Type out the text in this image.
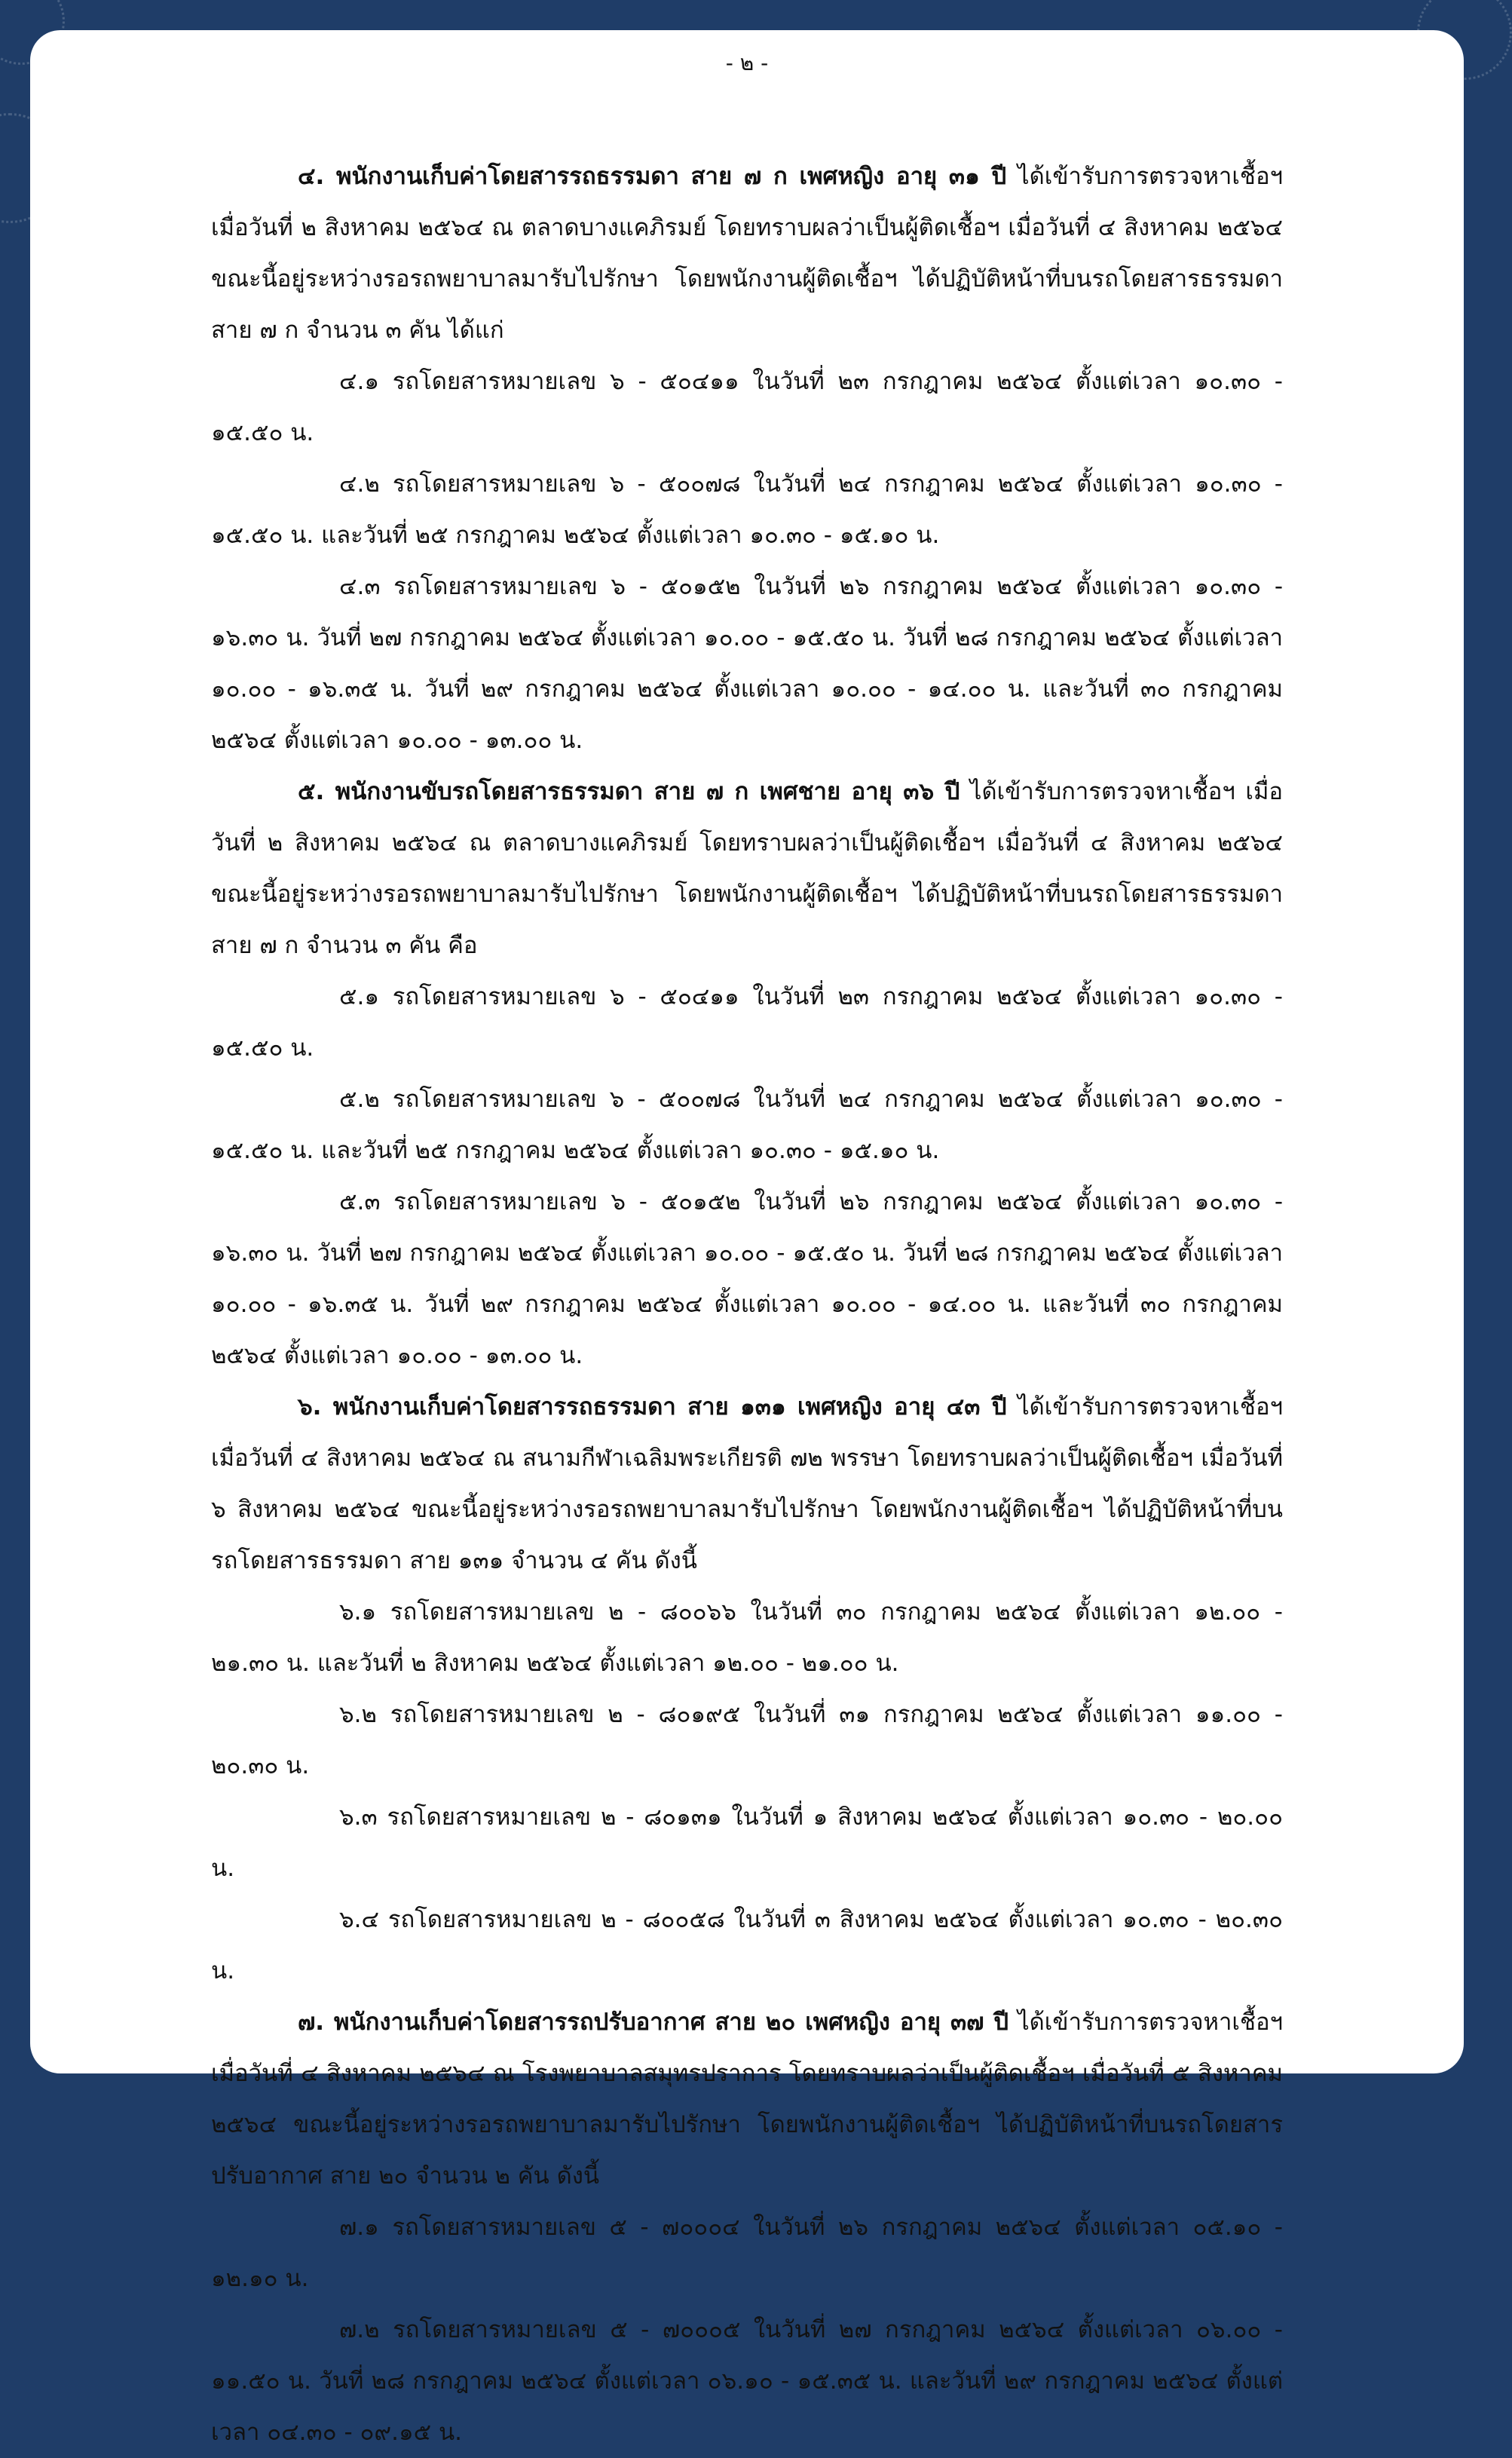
- ๒ -

๔. พนักงานเก็บค่าโดยสารรถธรรมดา สาย ๗ ก เพศหญิง อายุ ๓๑ ปี ได้เข้ารับการตรวจหาเชื้อฯ เมื่อวันที่ ๒ สิงหาคม ๒๕๖๔ ณ ตลาดบางแคภิรมย์ โดยทราบผลว่าเป็นผู้ติดเชื้อฯ เมื่อวันที่ ๔ สิงหาคม ๒๕๖๔ ขณะนี้อยู่ระหว่างรอรถพยาบาลมารับไปรักษา โดยพนักงานผู้ติดเชื้อฯ ได้ปฏิบัติหน้าที่บนรถโดยสารธรรมดา สาย ๗ ก จำนวน ๓ คัน ได้แก่

๔.๑ รถโดยสารหมายเลข ๖ - ๕๐๔๑๑ ในวันที่ ๒๓ กรกฎาคม ๒๕๖๔ ตั้งแต่เวลา ๑๐.๓๐ - ๑๕.๕๐ น.

๔.๒ รถโดยสารหมายเลข ๖ - ๕๐๐๗๘ ในวันที่ ๒๔ กรกฎาคม ๒๕๖๔ ตั้งแต่เวลา ๑๐.๓๐ - ๑๕.๕๐ น. และวันที่ ๒๕ กรกฎาคม ๒๕๖๔ ตั้งแต่เวลา ๑๐.๓๐ - ๑๕.๑๐ น.

๔.๓ รถโดยสารหมายเลข ๖ - ๕๐๑๕๒ ในวันที่ ๒๖ กรกฎาคม ๒๕๖๔ ตั้งแต่เวลา ๑๐.๓๐ - ๑๖.๓๐ น. วันที่ ๒๗ กรกฎาคม ๒๕๖๔ ตั้งแต่เวลา ๑๐.๐๐ - ๑๕.๕๐ น. วันที่ ๒๘ กรกฎาคม ๒๕๖๔ ตั้งแต่เวลา ๑๐.๐๐ - ๑๖.๓๕ น. วันที่ ๒๙ กรกฎาคม ๒๕๖๔ ตั้งแต่เวลา ๑๐.๐๐ - ๑๔.๐๐ น. และวันที่ ๓๐ กรกฎาคม ๒๕๖๔ ตั้งแต่เวลา ๑๐.๐๐ - ๑๓.๐๐ น.

๕. พนักงานขับรถโดยสารธรรมดา สาย ๗ ก เพศชาย อายุ ๓๖ ปี ได้เข้ารับการตรวจหาเชื้อฯ เมื่อวันที่ ๒ สิงหาคม ๒๕๖๔ ณ ตลาดบางแคภิรมย์ โดยทราบผลว่าเป็นผู้ติดเชื้อฯ เมื่อวันที่ ๔ สิงหาคม ๒๕๖๔ ขณะนี้อยู่ระหว่างรอรถพยาบาลมารับไปรักษา โดยพนักงานผู้ติดเชื้อฯ ได้ปฏิบัติหน้าที่บนรถโดยสารธรรมดา สาย ๗ ก จำนวน ๓ คัน คือ

๕.๑ รถโดยสารหมายเลข ๖ - ๕๐๔๑๑ ในวันที่ ๒๓ กรกฎาคม ๒๕๖๔ ตั้งแต่เวลา ๑๐.๓๐ - ๑๕.๕๐ น.

๕.๒ รถโดยสารหมายเลข ๖ - ๕๐๐๗๘ ในวันที่ ๒๔ กรกฎาคม ๒๕๖๔ ตั้งแต่เวลา ๑๐.๓๐ - ๑๕.๕๐ น. และวันที่ ๒๕ กรกฎาคม ๒๕๖๔ ตั้งแต่เวลา ๑๐.๓๐ - ๑๕.๑๐ น.

๕.๓ รถโดยสารหมายเลข ๖ - ๕๐๑๕๒ ในวันที่ ๒๖ กรกฎาคม ๒๕๖๔ ตั้งแต่เวลา ๑๐.๓๐ - ๑๖.๓๐ น. วันที่ ๒๗ กรกฎาคม ๒๕๖๔ ตั้งแต่เวลา ๑๐.๐๐ - ๑๕.๕๐ น. วันที่ ๒๘ กรกฎาคม ๒๕๖๔ ตั้งแต่เวลา ๑๐.๐๐ - ๑๖.๓๕ น. วันที่ ๒๙ กรกฎาคม ๒๕๖๔ ตั้งแต่เวลา ๑๐.๐๐ - ๑๔.๐๐ น. และวันที่ ๓๐ กรกฎาคม ๒๕๖๔ ตั้งแต่เวลา ๑๐.๐๐ - ๑๓.๐๐ น.

๖. พนักงานเก็บค่าโดยสารรถธรรมดา สาย ๑๓๑ เพศหญิง อายุ ๔๓ ปี ได้เข้ารับการตรวจหาเชื้อฯ เมื่อวันที่ ๔ สิงหาคม ๒๕๖๔ ณ สนามกีฬาเฉลิมพระเกียรติ ๗๒ พรรษา โดยทราบผลว่าเป็นผู้ติดเชื้อฯ เมื่อวันที่ ๖ สิงหาคม ๒๕๖๔ ขณะนี้อยู่ระหว่างรอรถพยาบาลมารับไปรักษา โดยพนักงานผู้ติดเชื้อฯ ได้ปฏิบัติหน้าที่บนรถโดยสารธรรมดา สาย ๑๓๑ จำนวน ๔ คัน ดังนี้

๖.๑ รถโดยสารหมายเลข ๒ - ๘๐๐๖๖ ในวันที่ ๓๐ กรกฎาคม ๒๕๖๔ ตั้งแต่เวลา ๑๒.๐๐ - ๒๑.๓๐ น. และวันที่ ๒ สิงหาคม ๒๕๖๔ ตั้งแต่เวลา ๑๒.๐๐ - ๒๑.๐๐ น.

๖.๒ รถโดยสารหมายเลข ๒ - ๘๐๑๙๕ ในวันที่ ๓๑ กรกฎาคม ๒๕๖๔ ตั้งแต่เวลา ๑๑.๐๐ - ๒๐.๓๐ น.

๖.๓ รถโดยสารหมายเลข ๒ - ๘๐๑๓๑ ในวันที่ ๑ สิงหาคม ๒๕๖๔ ตั้งแต่เวลา ๑๐.๓๐ - ๒๐.๐๐ น.

๖.๔ รถโดยสารหมายเลข ๒ - ๘๐๐๕๘ ในวันที่ ๓ สิงหาคม ๒๕๖๔ ตั้งแต่เวลา ๑๐.๓๐ - ๒๐.๓๐ น.

๗. พนักงานเก็บค่าโดยสารรถปรับอากาศ สาย ๒๐ เพศหญิง อายุ ๓๗ ปี ได้เข้ารับการตรวจหาเชื้อฯ เมื่อวันที่ ๔ สิงหาคม ๒๕๖๔ ณ โรงพยาบาลสมุทรปราการ โดยทราบผลว่าเป็นผู้ติดเชื้อฯ เมื่อวันที่ ๕ สิงหาคม ๒๕๖๔ ขณะนี้อยู่ระหว่างรอรถพยาบาลมารับไปรักษา โดยพนักงานผู้ติดเชื้อฯ ได้ปฏิบัติหน้าที่บนรถโดยสารปรับอากาศ สาย ๒๐ จำนวน ๒ คัน ดังนี้

๗.๑ รถโดยสารหมายเลข ๕ - ๗๐๐๐๔ ในวันที่ ๒๖ กรกฎาคม ๒๕๖๔ ตั้งแต่เวลา ๐๕.๑๐ - ๑๒.๑๐ น.

๗.๒ รถโดยสารหมายเลข ๕ - ๗๐๐๐๕ ในวันที่ ๒๗ กรกฎาคม ๒๕๖๔ ตั้งแต่เวลา ๐๖.๐๐ - ๑๑.๕๐ น. วันที่ ๒๘ กรกฎาคม ๒๕๖๔ ตั้งแต่เวลา ๐๖.๑๐ - ๑๕.๓๕ น. และวันที่ ๒๙ กรกฎาคม ๒๕๖๔ ตั้งแต่เวลา ๐๔.๓๐ - ๐๙.๑๕ น.
